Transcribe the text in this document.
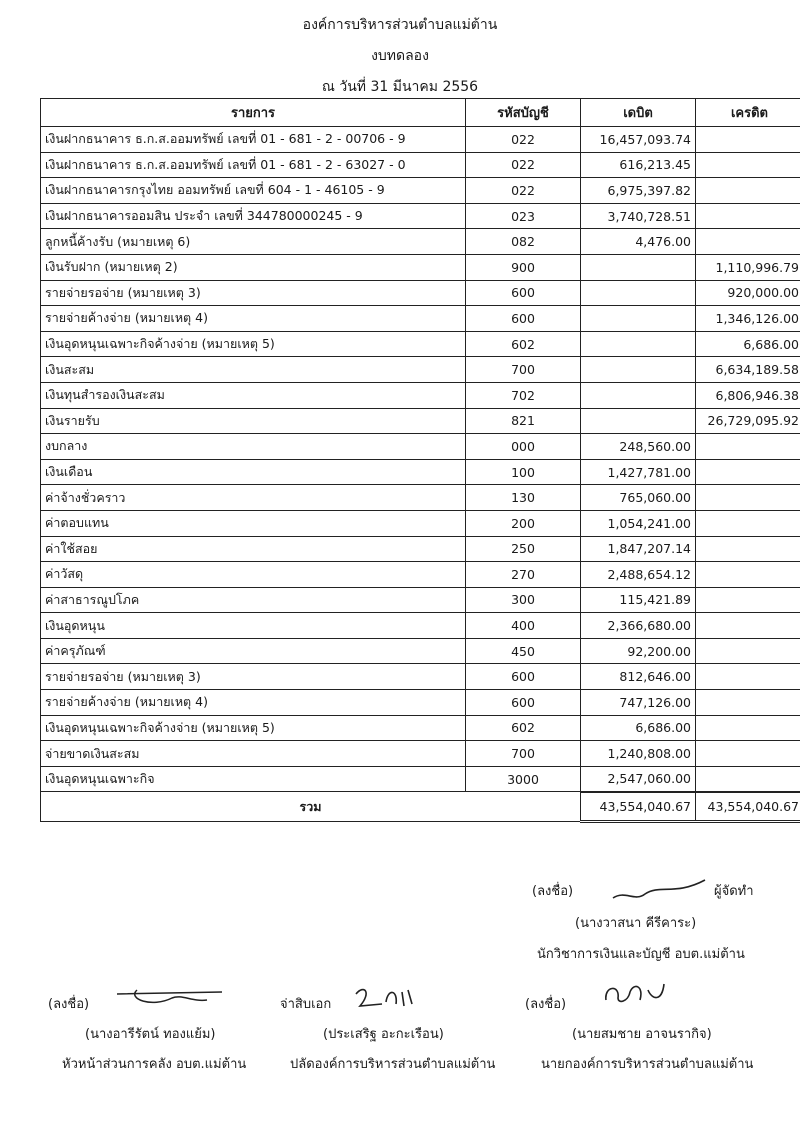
องค์การบริหารส่วนตำบลแม่ต้าน
งบทดลอง
ณ วันที่ 31 มีนาคม 2556
รายการ	รหัสบัญชี	เดบิต	เครดิต
เงินฝากธนาคาร ธ.ก.ส.ออมทรัพย์ เลขที่ 01 - 681 - 2 - 00706 - 9	022	16,457,093.74	
เงินฝากธนาคาร ธ.ก.ส.ออมทรัพย์ เลขที่ 01 - 681 - 2 - 63027 - 0	022	616,213.45	
เงินฝากธนาคารกรุงไทย ออมทรัพย์ เลขที่ 604 - 1 - 46105 - 9	022	6,975,397.82	
เงินฝากธนาคารออมสิน ประจำ เลขที่ 344780000245 - 9	023	3,740,728.51	
ลูกหนี้ค้างรับ (หมายเหตุ 6)	082	4,476.00	
เงินรับฝาก (หมายเหตุ 2)	900		1,110,996.79
รายจ่ายรอจ่าย (หมายเหตุ 3)	600		920,000.00
รายจ่ายค้างจ่าย (หมายเหตุ 4)	600		1,346,126.00
เงินอุดหนุนเฉพาะกิจค้างจ่าย (หมายเหตุ 5)	602		6,686.00
เงินสะสม	700		6,634,189.58
เงินทุนสำรองเงินสะสม	702		6,806,946.38
เงินรายรับ	821		26,729,095.92
งบกลาง	000	248,560.00	
เงินเดือน	100	1,427,781.00	
ค่าจ้างชั่วคราว	130	765,060.00	
ค่าตอบแทน	200	1,054,241.00	
ค่าใช้สอย	250	1,847,207.14	
ค่าวัสดุ	270	2,488,654.12	
ค่าสาธารณูปโภค	300	115,421.89	
เงินอุดหนุน	400	2,366,680.00	
ค่าครุภัณฑ์	450	92,200.00	
รายจ่ายรอจ่าย (หมายเหตุ 3)	600	812,646.00	
รายจ่ายค้างจ่าย (หมายเหตุ 4)	600	747,126.00	
เงินอุดหนุนเฉพาะกิจค้างจ่าย (หมายเหตุ 5)	602	6,686.00	
จ่ายขาดเงินสะสม	700	1,240,808.00	
เงินอุดหนุนเฉพาะกิจ	3000	2,547,060.00	
รวม		43,554,040.67	43,554,040.67
(ลงชื่อ)	ผู้จัดทำ
(นางวาสนา คีรีคาระ)
นักวิชาการเงินและบัญชี อบต.แม่ต้าน
(ลงชื่อ)
(นางอารีรัตน์ ทองแย้ม)
หัวหน้าส่วนการคลัง อบต.แม่ต้าน
จ่าสิบเอก
(ประเสริฐ อะกะเรือน)
ปลัดองค์การบริหารส่วนตำบลแม่ต้าน
(ลงชื่อ)
(นายสมชาย อาจนรากิจ)
นายกองค์การบริหารส่วนตำบลแม่ต้าน
